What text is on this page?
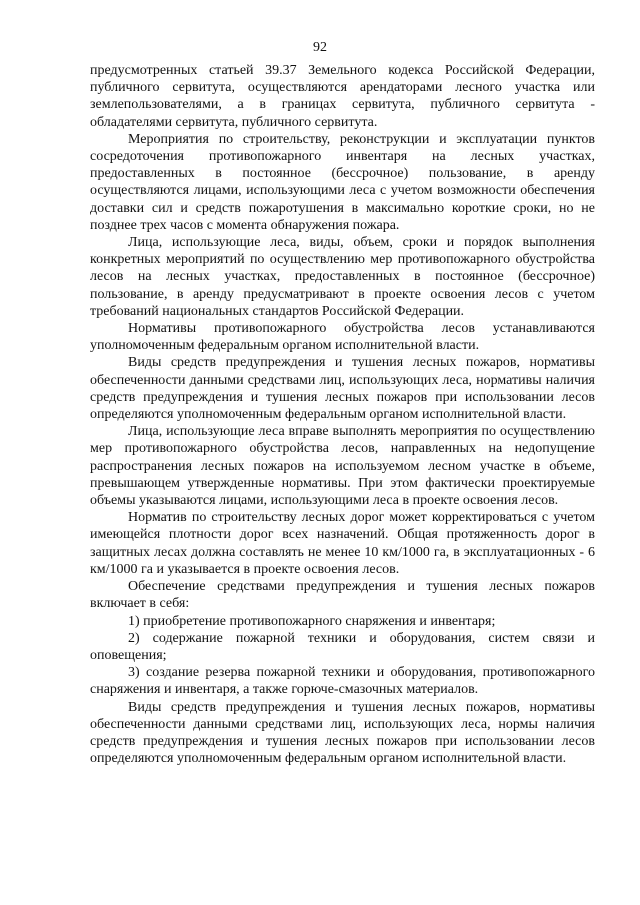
92

предусмотренных статьей 39.37 Земельного кодекса Российской Федерации, публичного сервитута, осуществляются арендаторами лесного участка или землепользователями, а в границах сервитута, публичного сервитута - обладателями сервитута, публичного сервитута.

Мероприятия по строительству, реконструкции и эксплуатации пунктов сосредоточения противопожарного инвентаря на лесных участках, предоставленных в постоянное (бессрочное) пользование, в аренду осуществляются лицами, использующими леса с учетом возможности обеспечения доставки сил и средств пожаротушения в максимально короткие сроки, но не позднее трех часов с момента обнаружения пожара.

Лица, использующие леса, виды, объем, сроки и порядок выполнения конкретных мероприятий по осуществлению мер противопожарного обустройства лесов на лесных участках, предоставленных в постоянное (бессрочное) пользование, в аренду предусматривают в проекте освоения лесов с учетом требований национальных стандартов Российской Федерации.

Нормативы противопожарного обустройства лесов устанавливаются уполномоченным федеральным органом исполнительной власти.

Виды средств предупреждения и тушения лесных пожаров, нормативы обеспеченности данными средствами лиц, использующих леса, нормативы наличия средств предупреждения и тушения лесных пожаров при использовании лесов определяются уполномоченным федеральным органом исполнительной власти.

Лица, использующие леса вправе выполнять мероприятия по осуществлению мер противопожарного обустройства лесов, направленных на недопущение распространения лесных пожаров на используемом лесном участке в объеме, превышающем утвержденные нормативы. При этом фактически проектируемые объемы указываются лицами, использующими леса в проекте освоения лесов.

Норматив по строительству лесных дорог может корректироваться с учетом имеющейся плотности дорог всех назначений. Общая протяженность дорог в защитных лесах должна составлять не менее 10 км/1000 га, в эксплуатационных - 6 км/1000 га и указывается в проекте освоения лесов.

Обеспечение средствами предупреждения и тушения лесных пожаров включает в себя:

1) приобретение противопожарного снаряжения и инвентаря;

2) содержание пожарной техники и оборудования, систем связи и оповещения;

3) создание резерва пожарной техники и оборудования, противопожарного снаряжения и инвентаря, а также горюче-смазочных материалов.

Виды средств предупреждения и тушения лесных пожаров, нормативы обеспеченности данными средствами лиц, использующих леса, нормы наличия средств предупреждения и тушения лесных пожаров при использовании лесов определяются уполномоченным федеральным органом исполнительной власти.
